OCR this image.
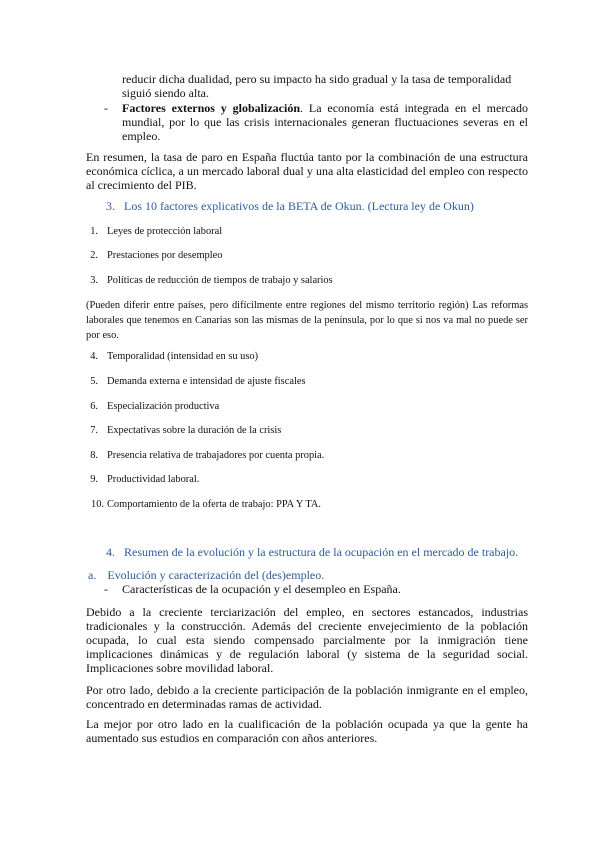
reducir dicha dualidad, pero su impacto ha sido gradual y la tasa de temporalidad

siguió siendo alta.

- Factores externos y globalización. La economía está integrada en el mercado mundial, por lo que las crisis internacionales generan fluctuaciones severas en el empleo.

En resumen, la tasa de paro en España fluctúa tanto por la combinación de una estructura económica cíclica, a un mercado laboral dual y una alta elasticidad del empleo con respecto al crecimiento del PIB.

3. Los 10 factores explicativos de la BETA de Okun. (Lectura ley de Okun)
1. Leyes de protección laboral
2. Prestaciones por desempleo
3. Políticas de reducción de tiempos de trabajo y salarios

(Pueden diferir entre países, pero difícilmente entre regiones del mismo territorio región) Las reformas laborales que tenemos en Canarias son las mismas de la península, por lo que si nos va mal no puede ser por eso.

4. Temporalidad (intensidad en su uso)
5. Demanda externa e intensidad de ajuste fiscales
6. Especialización productiva
7. Expectativas sobre la duración de la crisis
8. Presencia relativa de trabajadores por cuenta propia.
9. Productividad laboral.
10. Comportamiento de la oferta de trabajo: PPA Y TA.
4. Resumen de la evolución y la estructura de la ocupación en el mercado de trabajo.
a. Evolución y caracterización del (des)empleo.
- Características de la ocupación y el desempleo en España.

Debido a la creciente terciarización del empleo, en sectores estancados, industrias tradicionales y la construcción. Además del creciente envejecimiento de la población ocupada, lo cual esta siendo compensado parcialmente por la inmigración tiene implicaciones dinámicas y de regulación laboral (y sistema de la seguridad social. Implicaciones sobre movilidad laboral.

Por otro lado, debido a la creciente participación de la población inmigrante en el empleo, concentrado en determinadas ramas de actividad.

La mejor por otro lado en la cualificación de la población ocupada ya que la gente ha aumentado sus estudios en comparación con años anteriores.
